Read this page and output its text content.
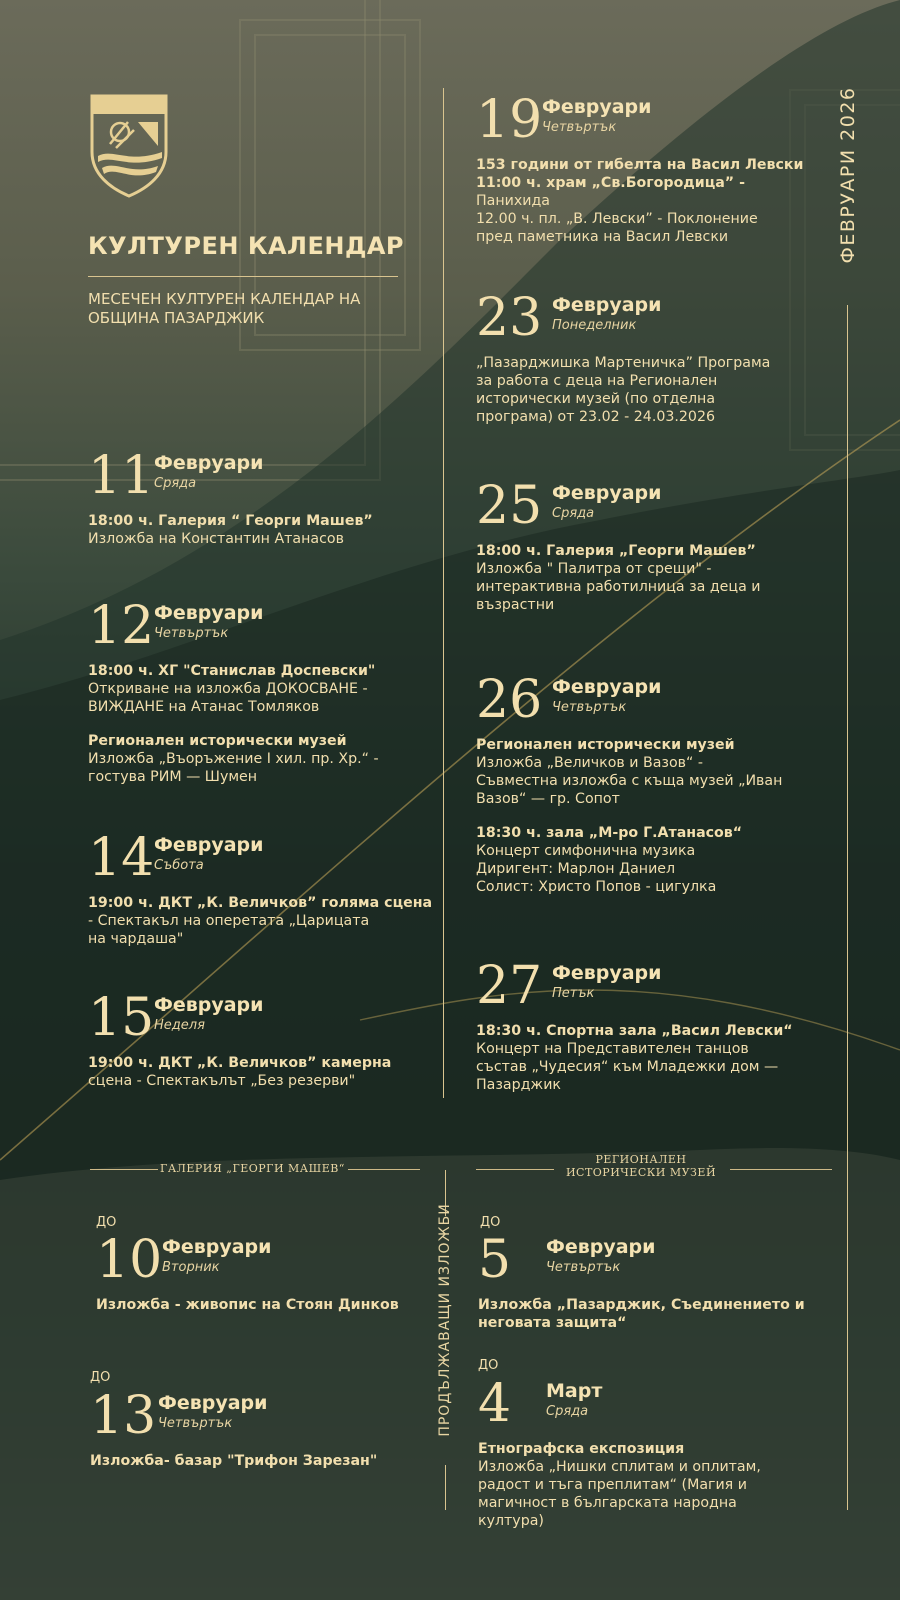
КУЛТУРЕН КАЛЕНДАР
МЕСЕЧЕН КУЛТУРЕН КАЛЕНДАР НА
ОБЩИНА ПАЗАРДЖИК
ФЕВРУАРИ 2026
11 Февруари
Сряда
18:00 ч. Галерия “ Георги Машев”
Изложба на Константин Атанасов
12 Февруари
Четвъртък
18:00 ч. ХГ "Станислав Доспевски"
Откриване на изложба ДОКОСВАНЕ -
ВИЖДАНЕ на Атанас Томляков
Регионален исторически музей
Изложба „Въоръжение I хил. пр. Хр.“ -
гостува РИМ — Шумен
14 Февруари
Събота
19:00 ч. ДКТ „К. Величков” голяма сцена
- Спектакъл на оперетата „Царицата
на чардаша"
15 Февруари
Неделя
19:00 ч. ДКТ „К. Величков” камерна
сцена - Спектакълът „Без резерви"
19 Февруари
Четвъртък
153 години от гибелта на Васил Левски
11:00 ч. храм „Св.Богородица” -
Панихида
12.00 ч. пл. „В. Левски” - Поклонение
пред паметника на Васил Левски
23 Февруари
Понеделник
„Пазарджишка Мартеничка” Програма
за работа с деца на Регионален
исторически музей (по отделна
програма) от 23.02 - 24.03.2026
25 Февруари
Сряда
18:00 ч. Галерия „Георги Машев”
Изложба " Палитра от срещи" -
интерактивна работилница за деца и
възрастни
26 Февруари
Четвъртък
Регионален исторически музей
Изложба „Величков и Вазов“ -
Съвместна изложба с къща музей „Иван
Вазов“ — гр. Сопот
18:30 ч. зала „М-ро Г.Атанасов“
Концерт симфонична музика
Диригент: Марлон Даниел
Солист: Христо Попов - цигулка
27 Февруари
Петък
18:30 ч. Спортна зала „Васил Левски“
Концерт на Представителен танцов
състав „Чудесия“ към Младежки дом —
Пазарджик
ГАЛЕРИЯ „ГЕОРГИ МАШЕВ“
РЕГИОНАЛЕН
ИСТОРИЧЕСКИ МУЗЕЙ
ПРОДЪЛЖАВАЩИ ИЗЛОЖБИ
ДО
10 Февруари
Вторник
Изложба - живопис на Стоян Динков
ДО
13 Февруари
Четвъртък
Изложба- базар "Трифон Зарезан"
ДО
5 Февруари
Четвъртък
Изложба „Пазарджик, Съединението и
неговата защита“
ДО
4 Март
Сряда
Етнографска експозиция
Изложба „Нишки сплитам и оплитам,
радост и тъга преплитам“ (Магия и
магичност в българската народна
култура)
